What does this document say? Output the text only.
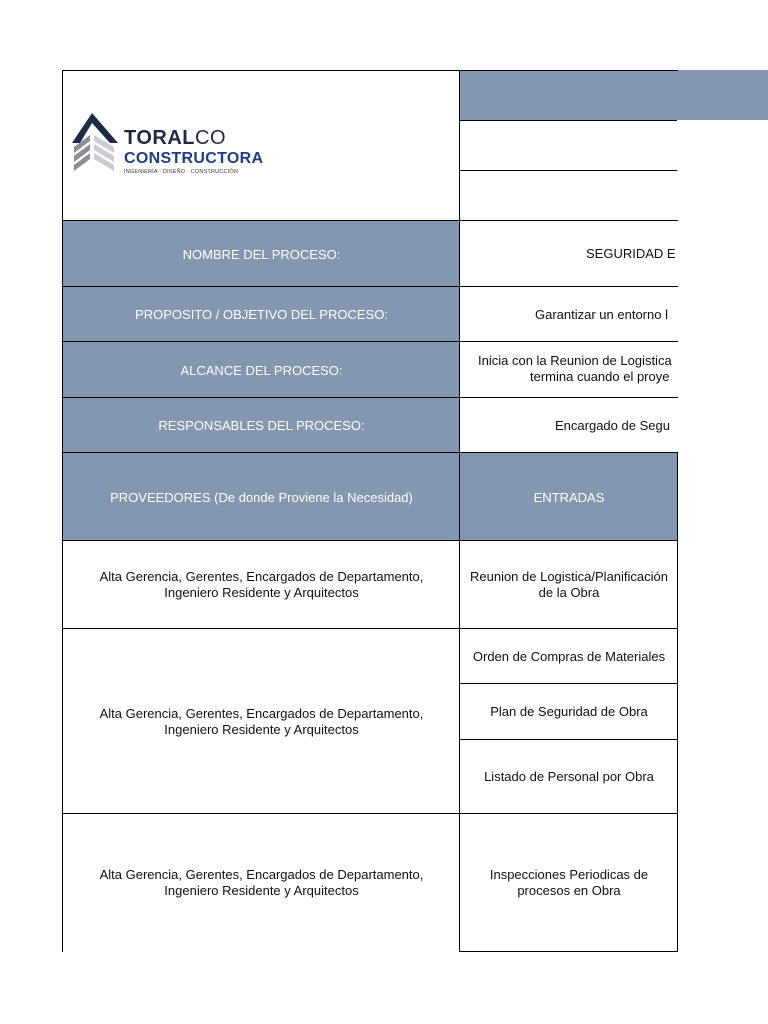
TORALCO
CONSTRUCTORA
INGENIERÍA · DISEÑO · CONSTRUCCIÓN
NOMBRE DEL PROCESO:
PROPOSITO / OBJETIVO DEL PROCESO:
ALCANCE DEL PROCESO:
RESPONSABLES DEL PROCESO:
SEGURIDAD E
Garantizar un entorno l
Inicia con la Reunion de Logistica
termina cuando el proye
Encargado de Segu
PROVEEDORES (De donde Proviene la Necesidad)	ENTRADAS
Alta Gerencia, Gerentes, Encargados de Departamento,
Ingeniero Residente y Arquitectos
Reunion de Logistica/Planificación de la Obra
Alta Gerencia, Gerentes, Encargados de Departamento,
Ingeniero Residente y Arquitectos
Orden de Compras de Materiales
Plan de Seguridad de Obra
Listado de Personal por Obra
Alta Gerencia, Gerentes, Encargados de Departamento,
Ingeniero Residente y Arquitectos
Inspecciones Periodicas de procesos en Obra
